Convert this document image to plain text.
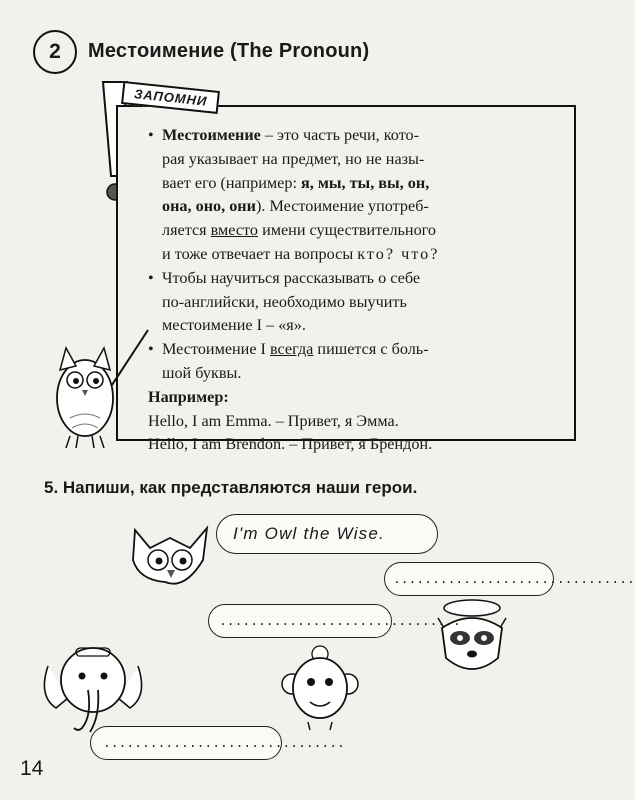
2	Местоимение (The Pronoun)
ЗАПОМНИ

• Местоимение – это часть речи, кото-
рая указывает на предмет, но не назы-
вает его (например: я, мы, ты, вы, он,
она, оно, они). Местоимение употреб-
ляется вместо имени существительного
и тоже отвечает на вопросы кто? что?

• Чтобы научиться рассказывать о себе
по-английски, необходимо выучить
местоимение I – «я».

• Местоимение I всегда пишется с боль-
шой буквы.

Например:

Hello, I am Emma. – Привет, я Эмма.

Hello, I am Brendon. – Привет, я Брендон.

5. Напиши, как представляются наши герои.
I'm Owl the Wise.
...............................
...............................
...............................
14
